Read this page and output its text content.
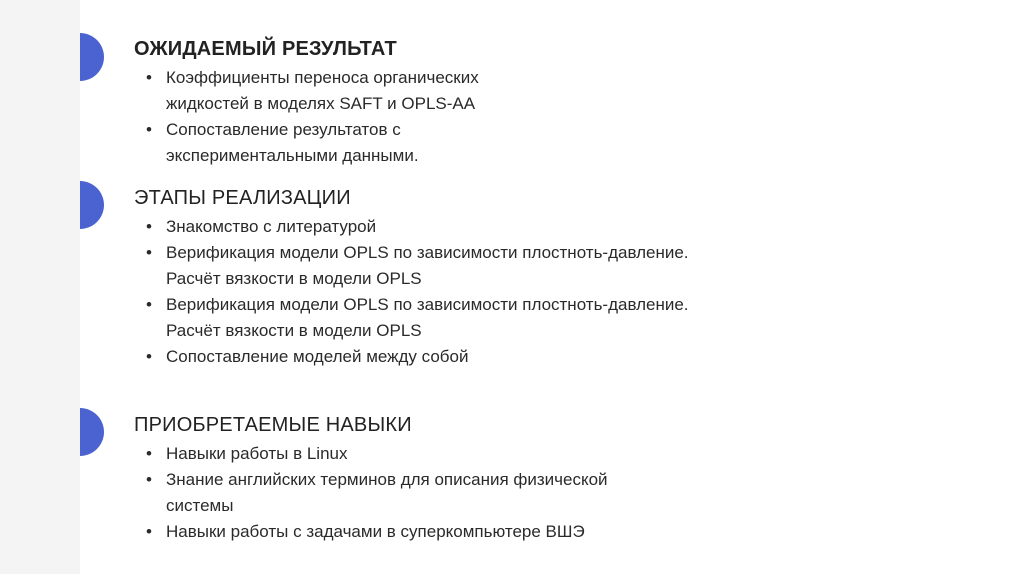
ОЖИДАЕМЫЙ РЕЗУЛЬТАТ
• Коэффициенты переноса органических
жидкостей в моделях SAFT и OPLS-AA
• Сопоставление результатов с
экспериментальными данными.
ЭТАПЫ РЕАЛИЗАЦИИ
• Знакомство с литературой
• Верификация модели OPLS по зависимости плостноть-давление.
Расчёт вязкости в модели OPLS
• Верификация модели OPLS по зависимости плостноть-давление.
Расчёт вязкости в модели OPLS
• Сопоставление моделей между собой
ПРИОБРЕТАЕМЫЕ НАВЫКИ
• Навыки работы в Linux
• Знание английских терминов для описания физической
системы
• Навыки работы с задачами в суперкомпьютере ВШЭ
